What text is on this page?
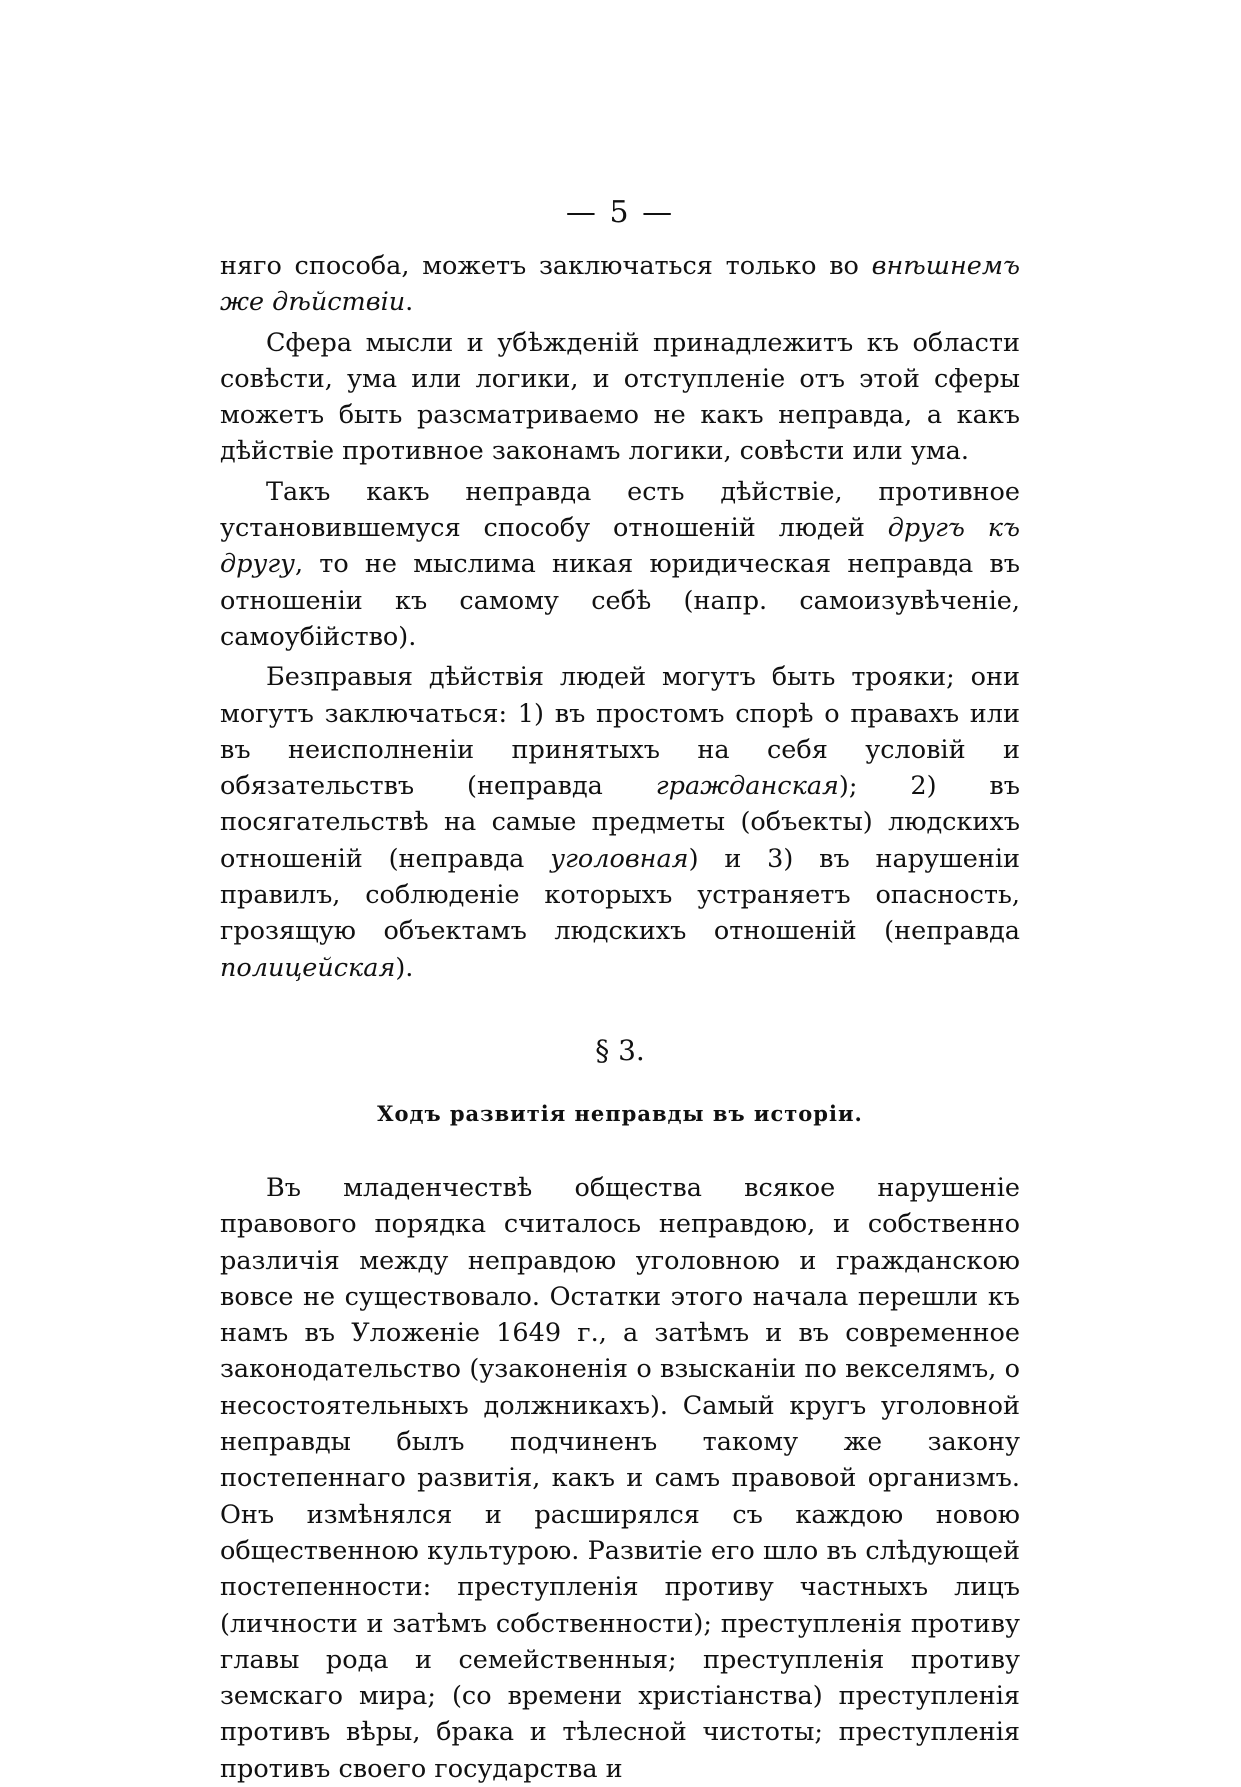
— 5 —

няго способа, можетъ заключаться только во внѣшнемъ же дѣйствіи.

Сфера мысли и убѣжденій принадлежитъ къ области совѣсти, ума или логики, и отступленіе отъ этой сферы можетъ быть разсматриваемо не какъ неправда, а какъ дѣйствіе противное законамъ логики, совѣсти или ума.

Такъ какъ неправда есть дѣйствіе, противное установившемуся способу отношеній людей другъ къ другу, то не мыслима никая юридическая неправда въ отношеніи къ самому себѣ (напр. самоизувѣченіе, самоубійство).

Безправыя дѣйствія людей могутъ быть трояки; они могутъ заключаться: 1) въ простомъ спорѣ о правахъ или въ неисполненіи принятыхъ на себя условій и обязательствъ (неправда гражданская); 2) въ посягательствѣ на самые предметы (объекты) людскихъ отношеній (неправда уголовная) и 3) въ нарушеніи правилъ, соблюденіе которыхъ устраняетъ опасность, грозящую объектамъ людскихъ отношеній (неправда полицейская).

§ 3.
Ходъ развитія неправды въ исторіи.

Въ младенчествѣ общества всякое нарушеніе правового порядка считалось неправдою, и собственно различія между неправдою уголовною и гражданскою вовсе не существовало. Остатки этого начала перешли къ намъ въ Уложеніе 1649 г., а затѣмъ и въ современное законодательство (узаконенія о взысканіи по векселямъ, о несостоятельныхъ должникахъ). Самый кругъ уголовной неправды былъ подчиненъ такому же закону постепеннаго развитія, какъ и самъ правовой организмъ. Онъ измѣнялся и расширялся съ каждою новою общественною культурою. Развитіе его шло въ слѣдующей постепенности: преступленія противу частныхъ лицъ (личности и затѣмъ собственности); преступленія противу главы рода и семейственныя; преступленія противу земскаго мира; (со времени христіанства) преступленія противъ вѣры, брака и тѣлесной чистоты; преступленія противъ своего государства и
